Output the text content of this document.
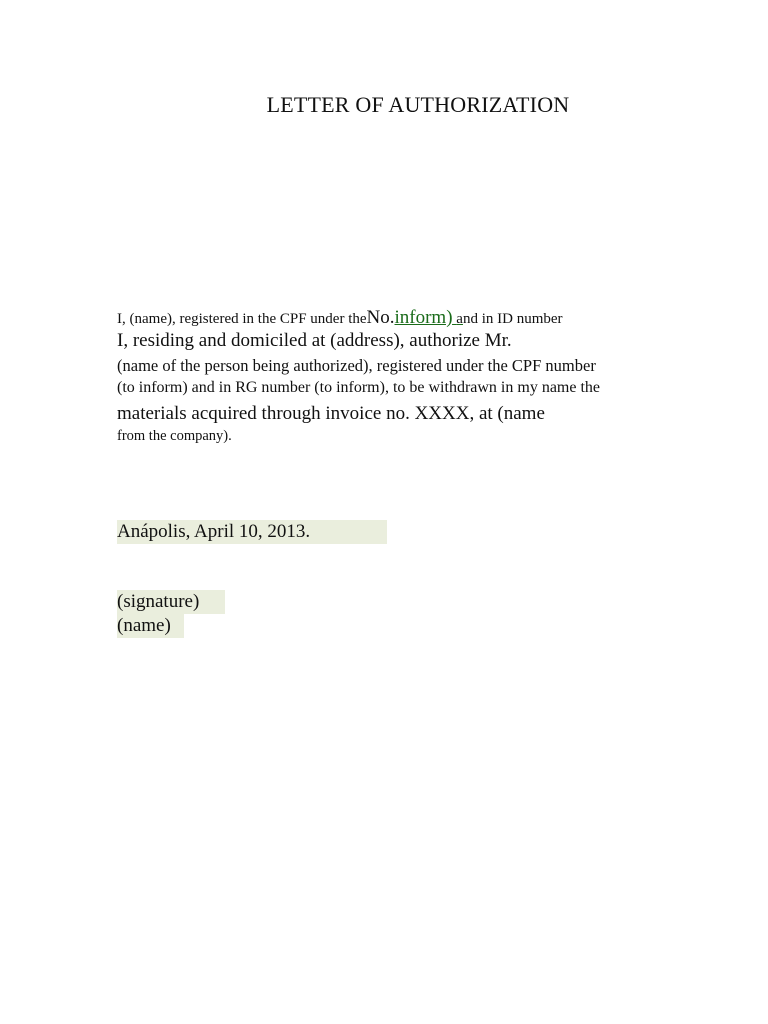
LETTER OF AUTHORIZATION
I, (name), registered in the CPF under theNo.inform) and in ID number
I, residing and domiciled at (address), authorize Mr.
(name of the person being authorized), registered under the CPF number
(to inform) and in RG number (to inform), to be withdrawn in my name the
materials acquired through invoice no. XXXX, at (name
from the company).
Anápolis, April 10, 2013.
(signature)
(name)
